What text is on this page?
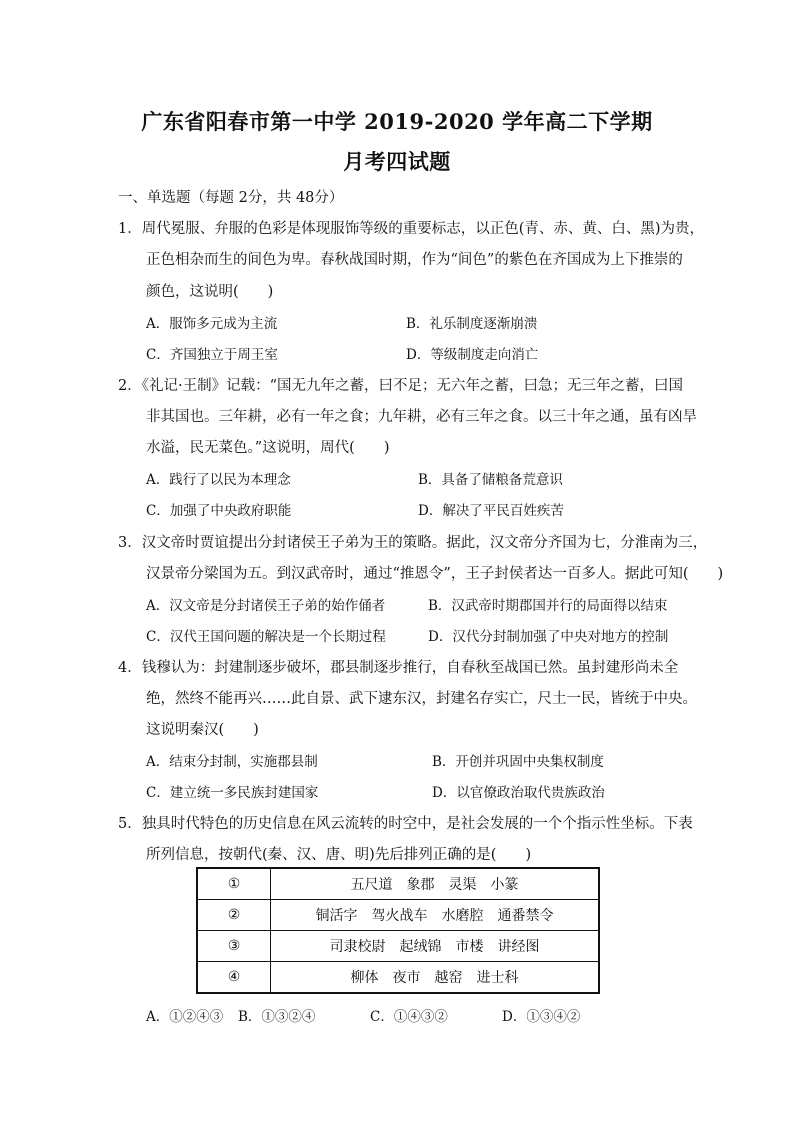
广东省阳春市第一中学 2019-2020 学年高二下学期
月考四试题
一、单选题（每题 2分，共 48分）
1．周代冕服、弁服的色彩是体现服饰等级的重要标志，以正色(青、赤、黄、白、黑)为贵，
正色相杂而生的间色为卑。春秋战国时期，作为“间色”的紫色在齐国成为上下推崇的
颜色，这说明(　　)
A．服饰多元成为主流	B．礼乐制度逐渐崩溃
C．齐国独立于周王室	D．等级制度走向消亡
2．《礼记·王制》记载：“国无九年之蓄，曰不足；无六年之蓄，曰急；无三年之蓄，曰国
非其国也。三年耕，必有一年之食；九年耕，必有三年之食。以三十年之通，虽有凶旱
水溢，民无菜色。”这说明，周代(　　)
A．践行了以民为本理念	B．具备了储粮备荒意识
C．加强了中央政府职能	D．解决了平民百姓疾苦
3．汉文帝时贾谊提出分封诸侯王子弟为王的策略。据此，汉文帝分齐国为七，分淮南为三，
汉景帝分梁国为五。到汉武帝时，通过“推恩令”，王子封侯者达一百多人。据此可知(　　)
A．汉文帝是分封诸侯王子弟的始作俑者	B．汉武帝时期郡国并行的局面得以结束
C．汉代王国问题的解决是一个长期过程	D．汉代分封制加强了中央对地方的控制
4．钱穆认为：封建制逐步破坏，郡县制逐步推行，自春秋至战国已然。虽封建形尚未全
绝，然终不能再兴……此自景、武下逮东汉，封建名存实亡，尺土一民，皆统于中央。
这说明秦汉(　　)
A．结束分封制，实施郡县制	B．开创并巩固中央集权制度
C．建立统一多民族封建国家	D．以官僚政治取代贵族政治
5．独具时代特色的历史信息在风云流转的时空中，是社会发展的一个个指示性坐标。下表
所列信息，按朝代(秦、汉、唐、明)先后排列正确的是(　　)
①	五尺道 象郡 灵渠 小篆
②	铜活字 驾火战车 水磨腔 通番禁令
③	司隶校尉 起绒锦 市楼 讲经图
④	柳体 夜市 越窑 进士科
A．①②④③ B．①③②④	C．①④③②	D．①③④②
